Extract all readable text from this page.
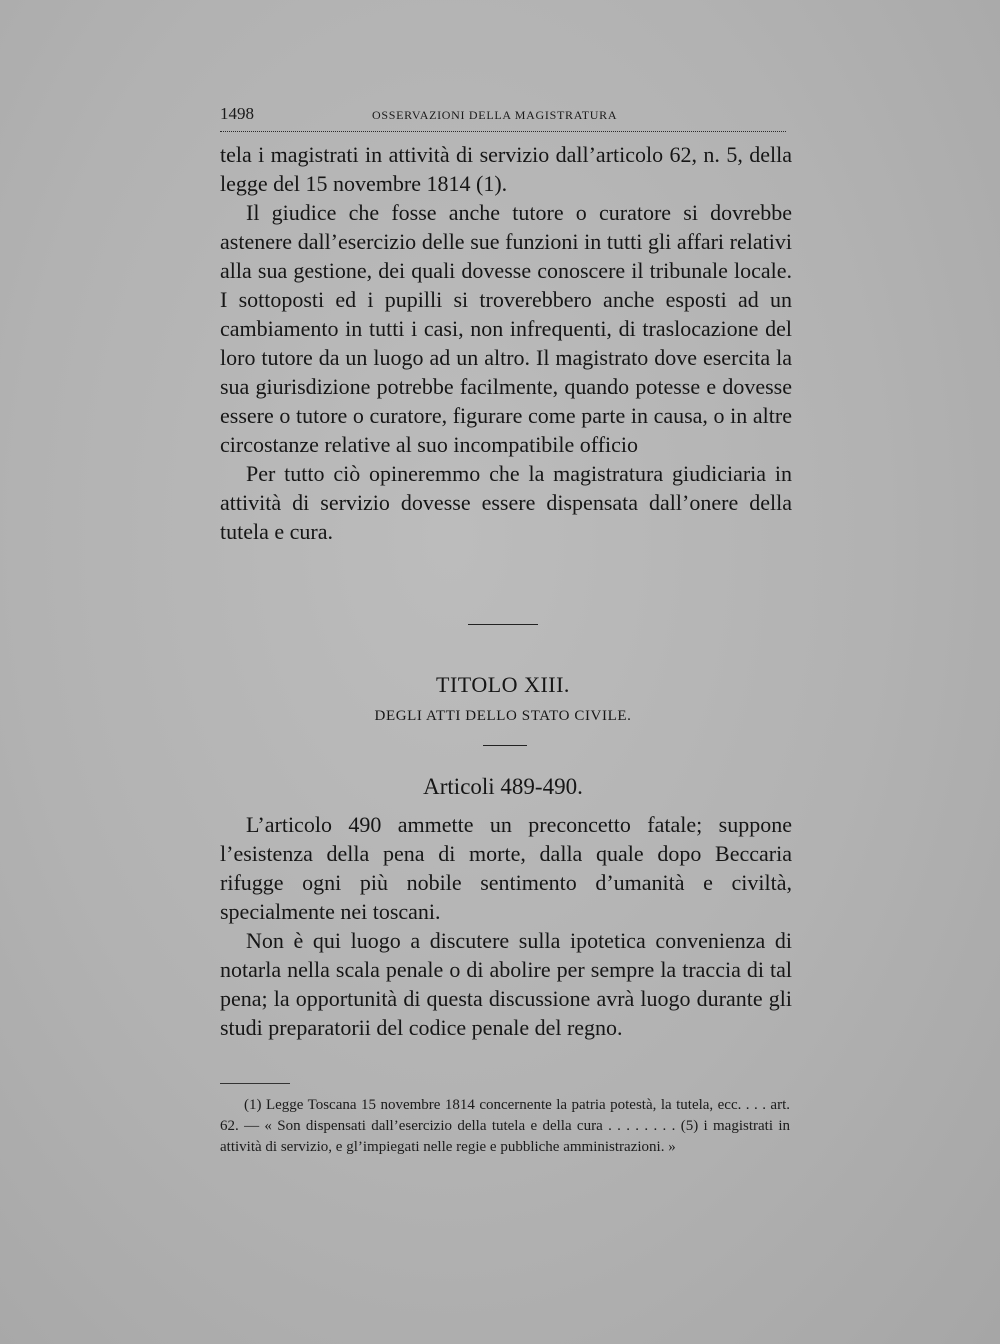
1498	OSSERVAZIONI DELLA MAGISTRATURA

tela i magistrati in attività di servizio dall’articolo 62, n. 5, della legge del 15 novembre 1814 (1).

Il giudice che fosse anche tutore o curatore si dovrebbe astenere dall’esercizio delle sue funzioni in tutti gli affari relativi alla sua gestione, dei quali dovesse conoscere il tribunale locale. I sottoposti ed i pupilli si troverebbero anche esposti ad un cambiamento in tutti i casi, non infrequenti, di traslocazione del loro tutore da un luogo ad un altro. Il magistrato dove esercita la sua giurisdizione potrebbe facilmente, quando potesse e dovesse essere o tutore o curatore, figurare come parte in causa, o in altre circostanze relative al suo incompatibile officio

Per tutto ciò opineremmo che la magistratura giudiciaria in attività di servizio dovesse essere dispensata dall’onere della tutela e cura.

TITOLO XIII.
DEGLI ATTI DELLO STATO CIVILE.
Articoli 489-490.

L’articolo 490 ammette un preconcetto fatale; suppone l’esistenza della pena di morte, dalla quale dopo Beccaria rifugge ogni più nobile sentimento d’umanità e civiltà, specialmente nei toscani.

Non è qui luogo a discutere sulla ipotetica convenienza di notarla nella scala penale o di abolire per sempre la traccia di tal pena; la opportunità di questa discussione avrà luogo durante gli studi preparatorii del codice penale del regno.

(1) Legge Toscana 15 novembre 1814 concernente la patria potestà, la tutela, ecc. . . . art. 62. — « Son dispensati dall’esercizio della tutela e della cura . . . . . . . . (5) i magistrati in attività di servizio, e gl’impiegati nelle regie e pubbliche amministrazioni. »
